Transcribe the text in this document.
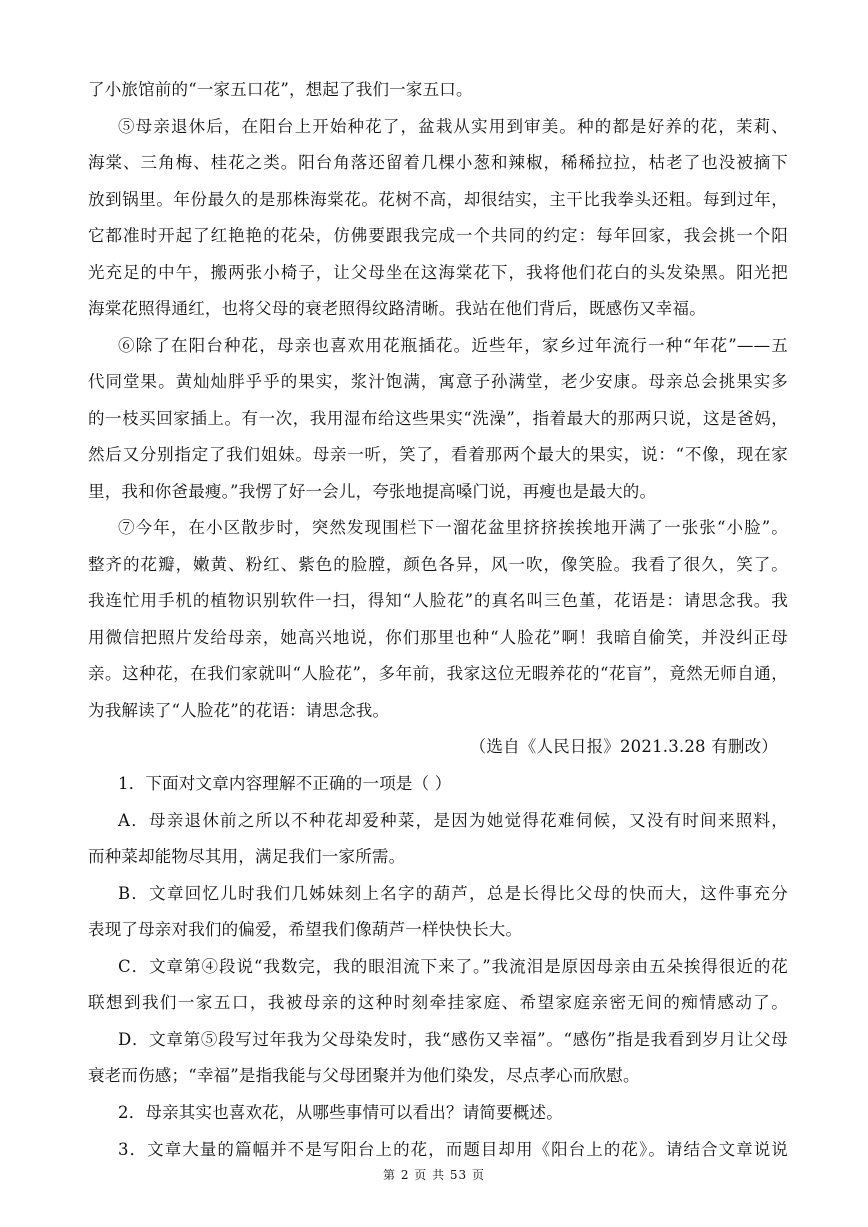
了小旅馆前的“一家五口花”，想起了我们一家五口。
⑤母亲退休后，在阳台上开始种花了，盆栽从实用到审美。种的都是好养的花，茉莉、
海棠、三角梅、桂花之类。阳台角落还留着几棵小葱和辣椒，稀稀拉拉，枯老了也没被摘下
放到锅里。年份最久的是那株海棠花。花树不高，却很结实，主干比我拳头还粗。每到过年，
它都准时开起了红艳艳的花朵，仿佛要跟我完成一个共同的约定：每年回家，我会挑一个阳
光充足的中午，搬两张小椅子，让父母坐在这海棠花下，我将他们花白的头发染黑。阳光把
海棠花照得通红，也将父母的衰老照得纹路清晰。我站在他们背后，既感伤又幸福。
⑥除了在阳台种花，母亲也喜欢用花瓶插花。近些年，家乡过年流行一种“年花”——五
代同堂果。黄灿灿胖乎乎的果实，浆汁饱满，寓意子孙满堂，老少安康。母亲总会挑果实多
的一枝买回家插上。有一次，我用湿布给这些果实“洗澡”，指着最大的那两只说，这是爸妈，
然后又分别指定了我们姐妹。母亲一听，笑了，看着那两个最大的果实，说：“不像，现在家
里，我和你爸最瘦。”我愣了好一会儿，夸张地提高嗓门说，再瘦也是最大的。
⑦今年，在小区散步时，突然发现围栏下一溜花盆里挤挤挨挨地开满了一张张“小脸”。
整齐的花瓣，嫩黄、粉红、紫色的脸膛，颜色各异，风一吹，像笑脸。我看了很久，笑了。
我连忙用手机的植物识别软件一扫，得知“人脸花”的真名叫三色堇，花语是：请思念我。我
用微信把照片发给母亲，她高兴地说，你们那里也种“人脸花”啊！我暗自偷笑，并没纠正母
亲。这种花，在我们家就叫“人脸花”，多年前，我家这位无暇养花的“花盲”，竟然无师自通，
为我解读了“人脸花”的花语：请思念我。
（选自《人民日报》2021.3.28 有删改）
1．下面对文章内容理解不正确的一项是（ ）
A．母亲退休前之所以不种花却爱种菜，是因为她觉得花难伺候，又没有时间来照料，
而种菜却能物尽其用，满足我们一家所需。
B．文章回忆儿时我们几姊妹刻上名字的葫芦，总是长得比父母的快而大，这件事充分
表现了母亲对我们的偏爱，希望我们像葫芦一样快快长大。
C．文章第④段说“我数完，我的眼泪流下来了。”我流泪是原因母亲由五朵挨得很近的花
联想到我们一家五口，我被母亲的这种时刻牵挂家庭、希望家庭亲密无间的痴情感动了。
D．文章第⑤段写过年我为父母染发时，我“感伤又幸福”。“感伤”指是我看到岁月让父母
衰老而伤感；“幸福”是指我能与父母团聚并为他们染发，尽点孝心而欣慰。
2．母亲其实也喜欢花，从哪些事情可以看出？请简要概述。
3．文章大量的篇幅并不是写阳台上的花，而题目却用《阳台上的花》。请结合文章说说
第 2 页 共 53 页
